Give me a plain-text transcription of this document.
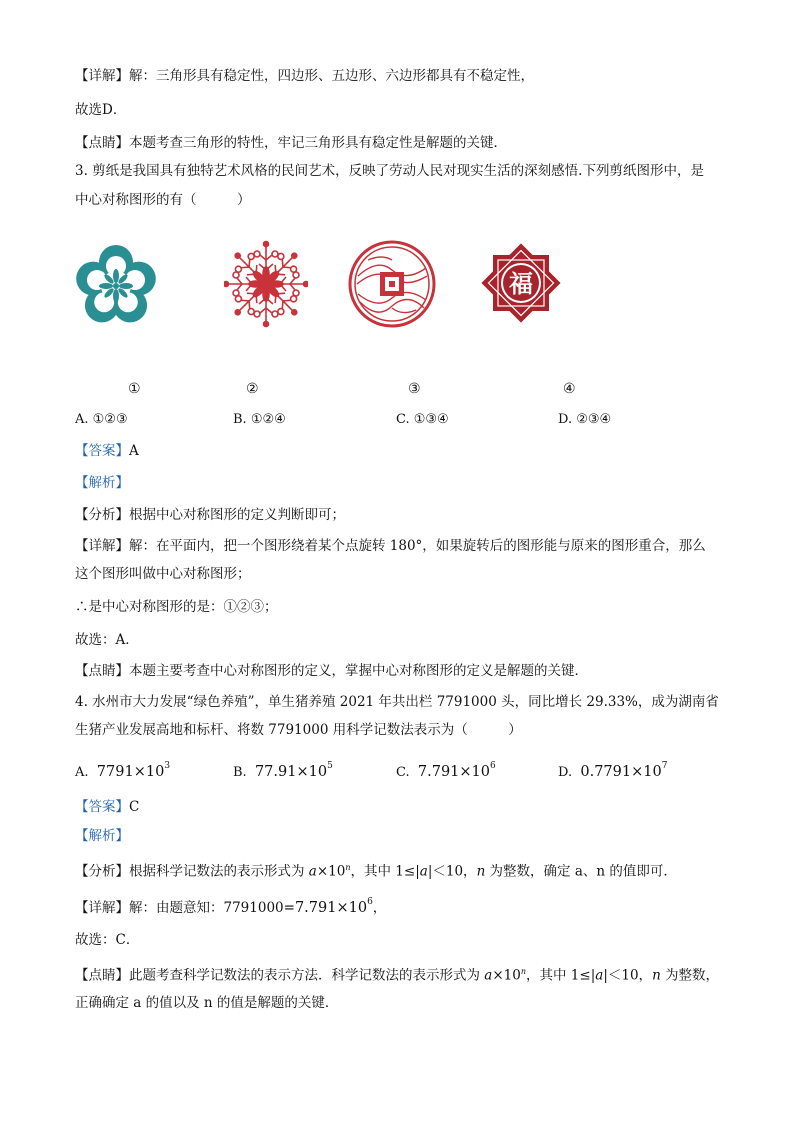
【详解】解：三角形具有稳定性，四边形、五边形、六边形都具有不稳定性，
故选D．
【点睛】本题考查三角形的特性，牢记三角形具有稳定性是解题的关键．
3. 剪纸是我国具有独特艺术风格的民间艺术，反映了劳动人民对现实生活的深刻感悟.下列剪纸图形中，是
中心对称图形的有（　　　）
福
①	②	③	④
A. ①②③	B. ①②④	C. ①③④	D. ②③④
【答案】A
【解析】
【分析】根据中心对称图形的定义判断即可；
【详解】解：在平面内，把一个图形绕着某个点旋转 180°，如果旋转后的图形能与原来的图形重合，那么
这个图形叫做中心对称图形；
∴是中心对称图形的是：①②③；
故选：A．
【点睛】本题主要考查中心对称图形的定义，掌握中心对称图形的定义是解题的关键．
4. 水州市大力发展“绿色养殖”，单生猪养殖 2021 年共出栏 7791000 头，同比增长 29.33%，成为湖南省
生猪产业发展高地和标杆、将数 7791000 用科学记数法表示为（　　　）
A. $7791\times 10^3$	B. $77.91\times 10^5$	C. $7.791\times 10^6$	D. $0.7791\times 10^7$
【答案】C
【解析】
【分析】根据科学记数法的表示形式为 $a\times 10^n$，其中 1≤|a|＜10，n 为整数，确定 a、n 的值即可．
【详解】解：由题意知：$7791000=7.791\times 10^6$，
故选：C．
【点睛】此题考查科学记数法的表示方法．科学记数法的表示形式为 $a\times 10^n$，其中 1≤|a|＜10，n 为整数，
正确确定 a 的值以及 n 的值是解题的关键．
